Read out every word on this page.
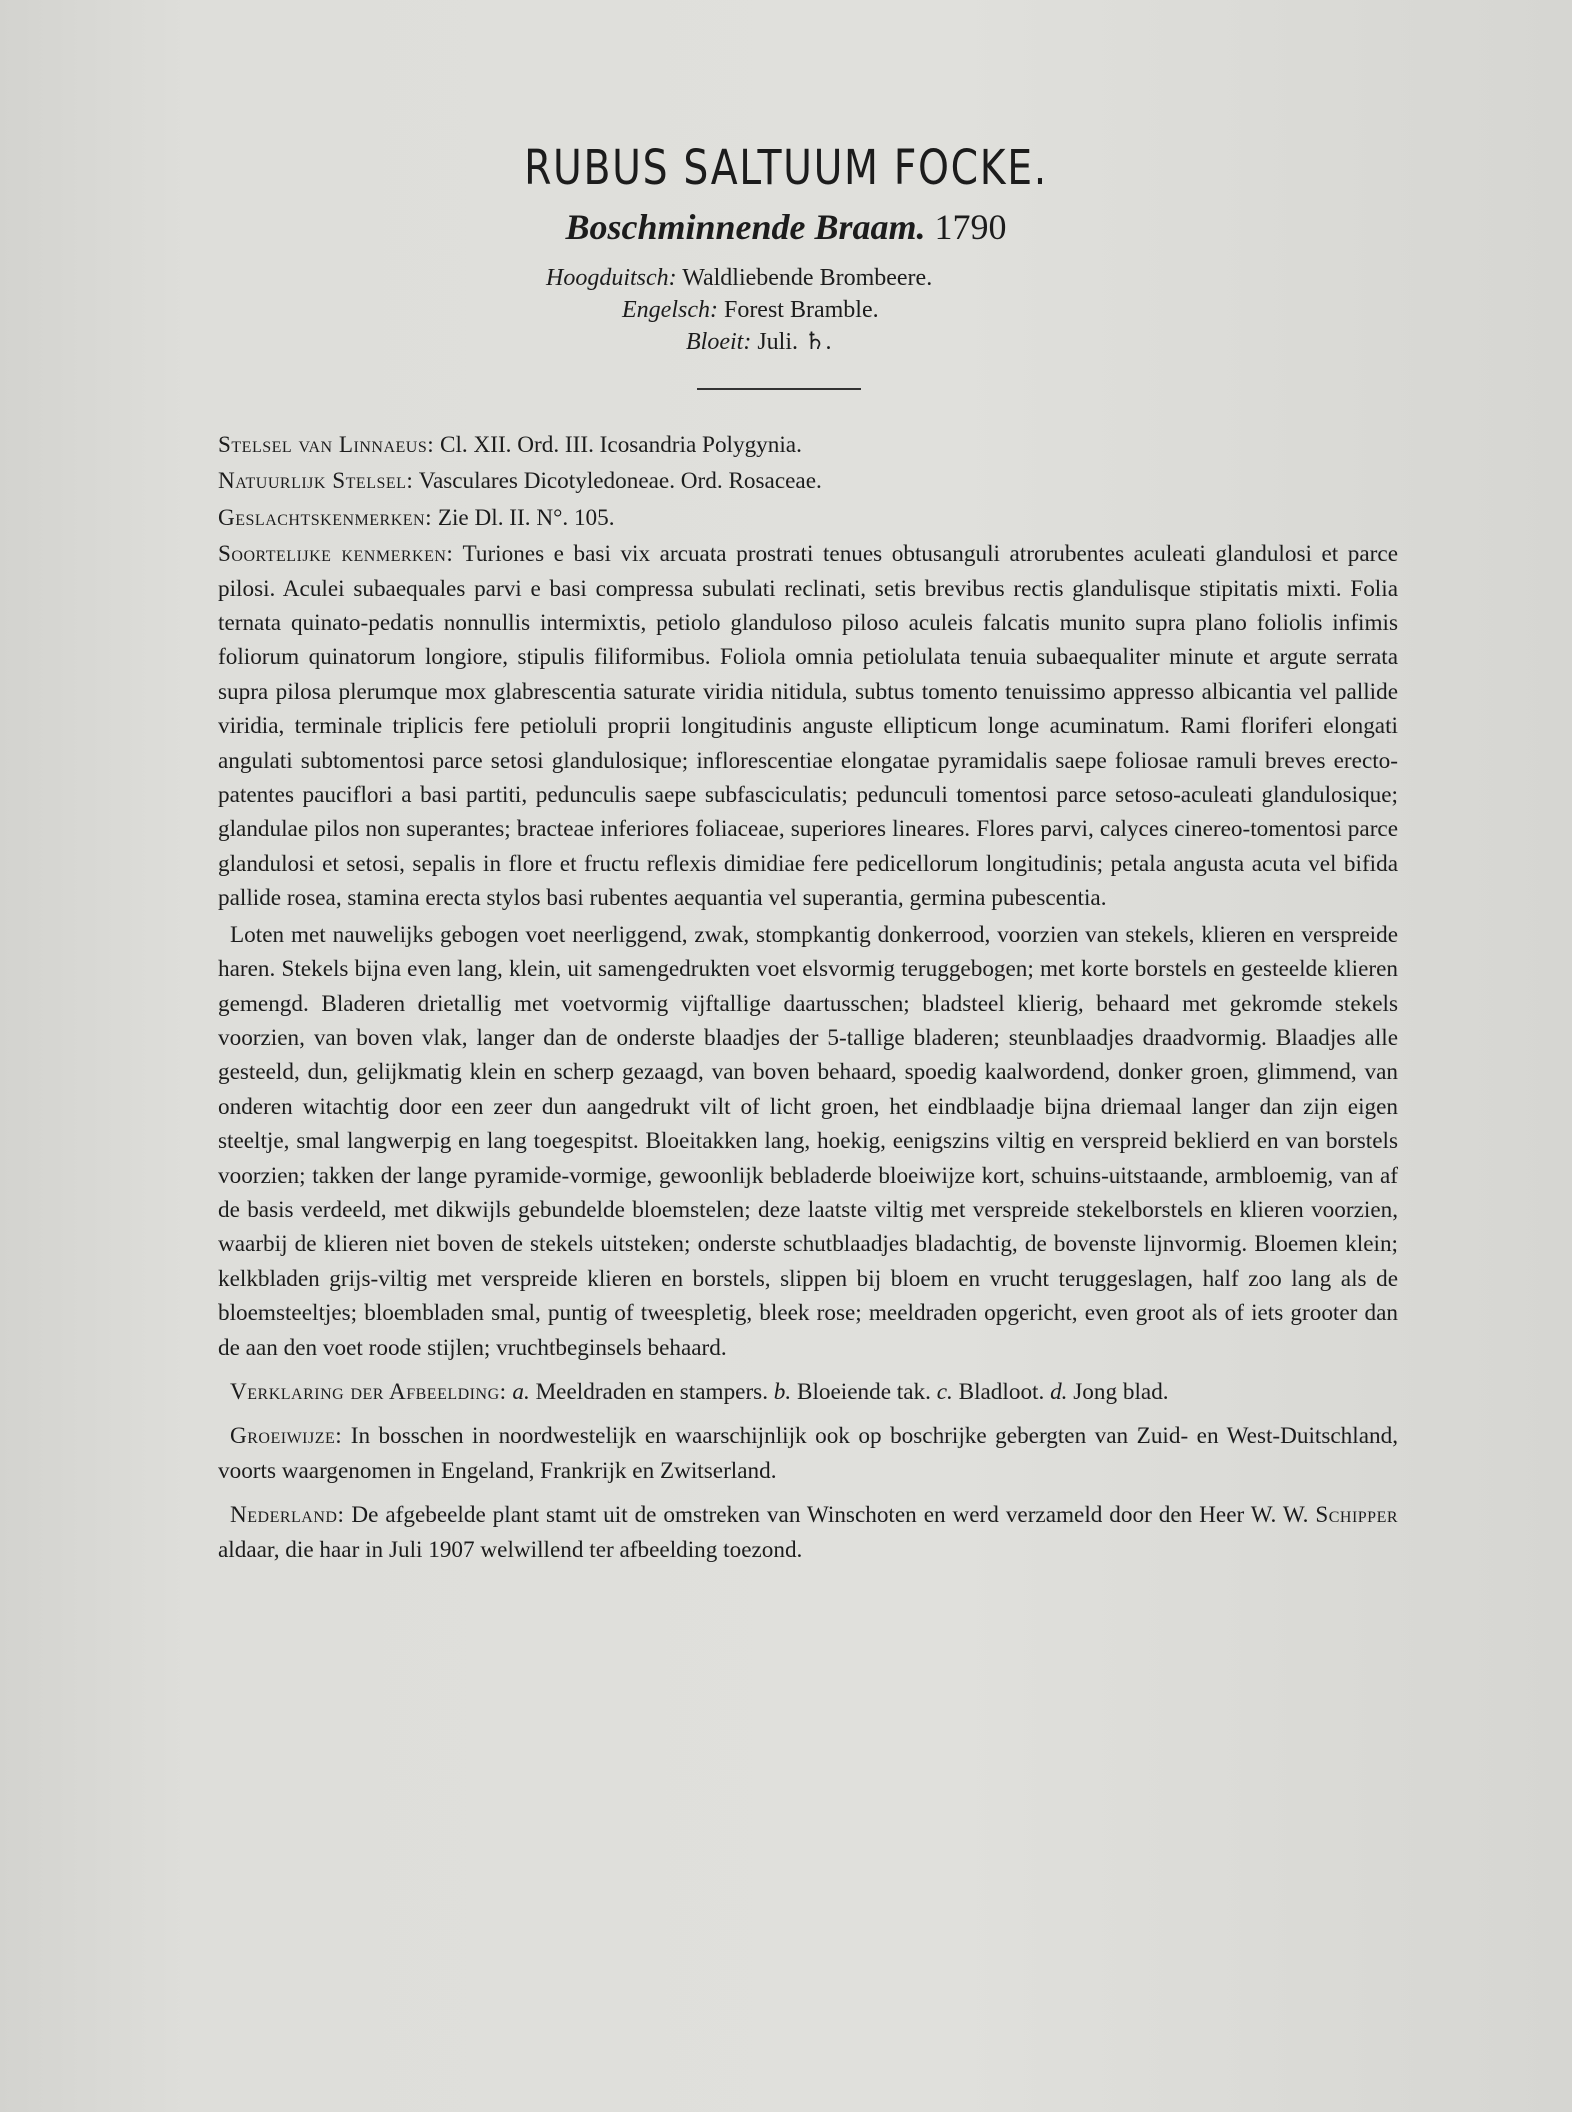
RUBUS SALTUUM FOCKE.
Boschminnende Braam. 1790
Hoogduitsch: Waldliebende Brombeere.
Engelsch: Forest Bramble.
Bloeit: Juli. ♄.

Stelsel van Linnaeus: Cl. XII. Ord. III. Icosandria Polygynia.

Natuurlijk Stelsel: Vasculares Dicotyledoneae. Ord. Rosaceae.

Geslachtskenmerken: Zie Dl. II. N°. 105.

Soortelijke kenmerken: Turiones e basi vix arcuata prostrati tenues obtusanguli atrorubentes aculeati glandulosi et parce pilosi. Aculei subaequales parvi e basi compressa subulati reclinati, setis brevibus rectis glandulisque stipitatis mixti. Folia ternata quinato-pedatis nonnullis intermixtis, petiolo glanduloso piloso aculeis falcatis munito supra plano foliolis infimis foliorum quinatorum longiore, stipulis filiformibus. Foliola omnia petiolulata tenuia subaequaliter minute et argute serrata supra pilosa plerumque mox glabrescentia saturate viridia nitidula, subtus tomento tenuissimo appresso albicantia vel pallide viridia, terminale triplicis fere petioluli proprii longitudinis anguste ellipticum longe acuminatum. Rami floriferi elongati angulati subtomentosi parce setosi glandulosique; inflorescentiae elongatae pyramidalis saepe foliosae ramuli breves erecto-patentes pauciflori a basi partiti, pedunculis saepe subfasciculatis; pedunculi tomentosi parce setoso-aculeati glandulosique; glandulae pilos non superantes; bracteae inferiores foliaceae, superiores lineares. Flores parvi, calyces cinereo-tomentosi parce glandulosi et setosi, sepalis in flore et fructu reflexis dimidiae fere pedicellorum longitudinis; petala angusta acuta vel bifida pallide rosea, stamina erecta stylos basi rubentes aequantia vel superantia, germina pubescentia.

Loten met nauwelijks gebogen voet neerliggend, zwak, stompkantig donkerrood, voorzien van stekels, klieren en verspreide haren. Stekels bijna even lang, klein, uit samengedrukten voet elsvormig teruggebogen; met korte borstels en gesteelde klieren gemengd. Bladeren drietallig met voetvormig vijftallige daartusschen; bladsteel klierig, behaard met gekromde stekels voorzien, van boven vlak, langer dan de onderste blaadjes der 5-tallige bladeren; steunblaadjes draadvormig. Blaadjes alle gesteeld, dun, gelijkmatig klein en scherp gezaagd, van boven behaard, spoedig kaalwordend, donker groen, glimmend, van onderen witachtig door een zeer dun aangedrukt vilt of licht groen, het eindblaadje bijna driemaal langer dan zijn eigen steeltje, smal langwerpig en lang toegespitst. Bloeitakken lang, hoekig, eenigszins viltig en verspreid beklierd en van borstels voorzien; takken der lange pyramide-vormige, gewoonlijk bebladerde bloeiwijze kort, schuins-uitstaande, armbloemig, van af de basis verdeeld, met dikwijls gebundelde bloemstelen; deze laatste viltig met verspreide stekelborstels en klieren voorzien, waarbij de klieren niet boven de stekels uitsteken; onderste schutblaadjes bladachtig, de bovenste lijnvormig. Bloemen klein; kelkbladen grijs-viltig met verspreide klieren en borstels, slippen bij bloem en vrucht teruggeslagen, half zoo lang als de bloemsteeltjes; bloembladen smal, puntig of tweespletig, bleek rose; meeldraden opgericht, even groot als of iets grooter dan de aan den voet roode stijlen; vruchtbeginsels behaard.

Verklaring der Afbeelding: a. Meeldraden en stampers. b. Bloeiende tak. c. Bladloot. d. Jong blad.

Groeiwijze: In bosschen in noordwestelijk en waarschijnlijk ook op boschrijke gebergten van Zuid- en West-Duitschland, voorts waargenomen in Engeland, Frankrijk en Zwitserland.

Nederland: De afgebeelde plant stamt uit de omstreken van Winschoten en werd verzameld door den Heer W. W. Schipper aldaar, die haar in Juli 1907 welwillend ter afbeelding toezond.
